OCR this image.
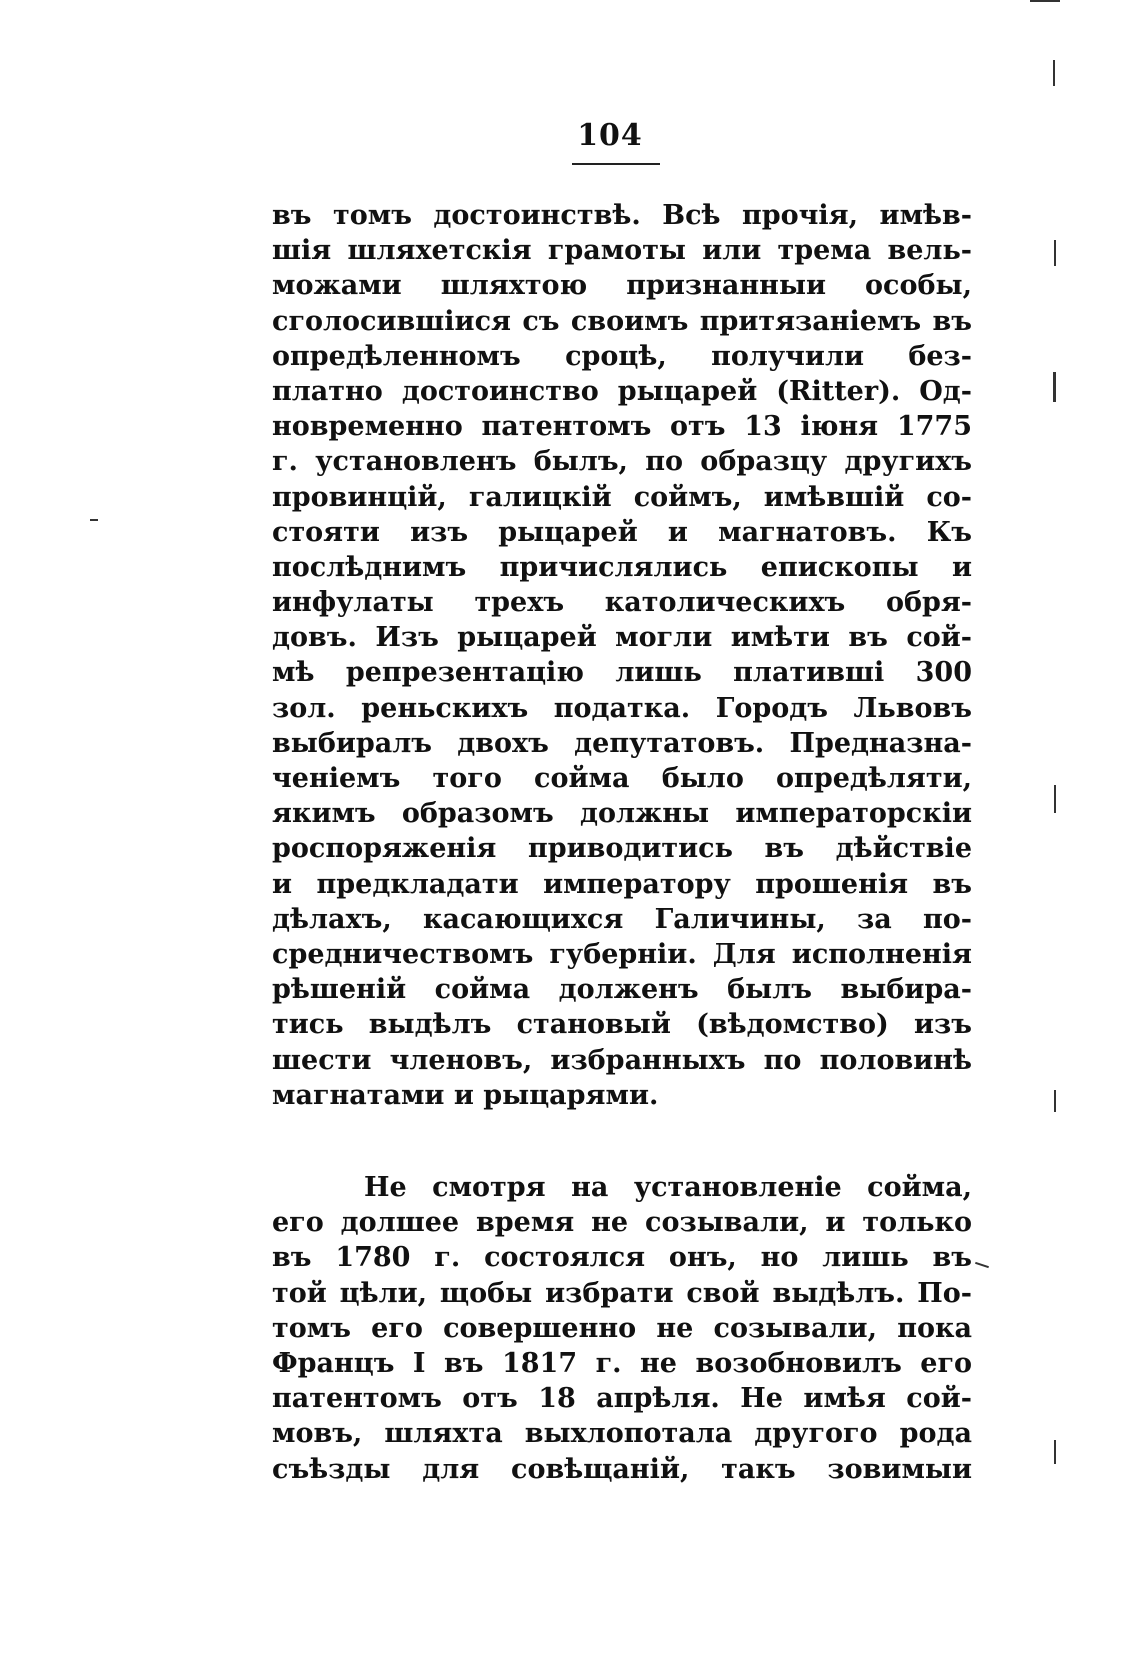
104
въ томъ достоинствѣ. Всѣ прочія, имѣв-
шія шляхетскія грамоты или трема вель-
можами шляхтою признанныи особы,
сголосившіися съ своимъ притязаніемъ въ
опредѣленномъ сроцѣ, получили без-
платно достоинство рыцарей (Ritter). Од-
новременно патентомъ отъ 13 іюня 1775
г. установленъ былъ, по образцу другихъ
провинцій, галицкій соймъ, имѣвшій со-
стояти изъ рыцарей и магнатовъ. Къ
послѣднимъ причислялись епископы и
инфулаты трехъ католическихъ обря-
довъ. Изъ рыцарей могли имѣти въ сой-
мѣ репрезентацію лишь плативші 300
зол. реньскихъ податка. Городъ Львовъ
выбиралъ двохъ депутатовъ. Предназна-
ченіемъ того сойма было опредѣляти,
якимъ образомъ должны императорскіи
роспоряженія приводитись въ дѣйствіе
и предкладати императору прошенія въ
дѣлахъ, касающихся Галичины, за по-
средничествомъ губерніи. Для исполненія
рѣшеній сойма долженъ былъ выбира-
тись выдѣлъ становый (вѣдомство) изъ
шести членовъ, избранныхъ по половинѣ
магнатами и рыцарями.
Не смотря на установленіе сойма,
его долшее время не созывали, и только
въ 1780 г. состоялся онъ, но лишь въ
той цѣли, щобы избрати свой выдѣлъ. По-
томъ его совершенно не созывали, пока
Францъ I въ 1817 г. не возобновилъ его
патентомъ отъ 18 апрѣля. Не имѣя сой-
мовъ, шляхта выхлопотала другого рода
съѣзды для совѣщаній, такъ зовимыи
